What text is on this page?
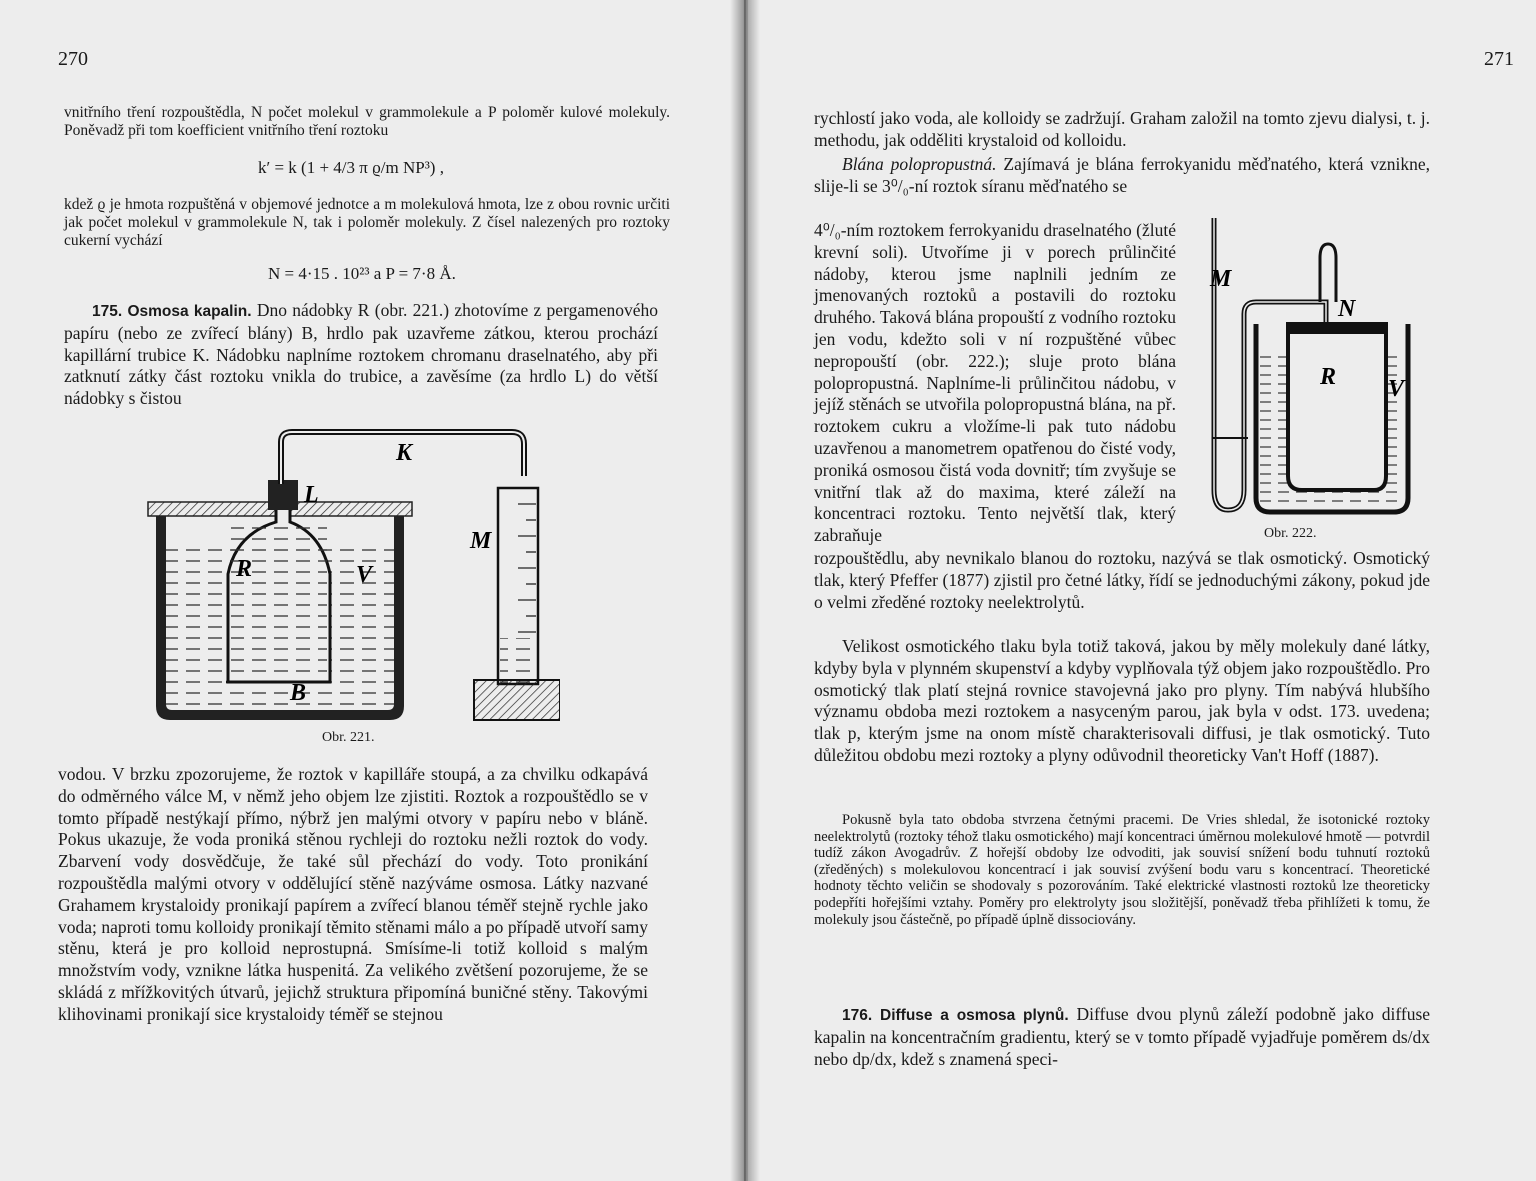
270

vnitřního tření rozpouštědla, N počet molekul v grammolekule a P poloměr kulové molekuly. Poněvadž při tom koefficient vnitřního tření roztoku

k′ = k (1 + 4/3 π ϱ/m NP³) ,

kdež ϱ je hmota rozpuštěná v objemové jednotce a m molekulová hmota, lze z obou rovnic určiti jak počet molekul v grammolekule N, tak i poloměr molekuly. Z čísel nalezených pro roztoky cukerní vychází

N = 4·15 . 10²³ a P = 7·8 Å.

175. Osmosa kapalin. Dno nádobky R (obr. 221.) zhotovíme z pergamenového papíru (nebo ze zvířecí blány) B, hrdlo pak uzavřeme zátkou, kterou prochází kapillární trubice K. Nádobku naplníme roztokem chromanu draselnatého, aby při zatknutí zátky část roztoku vnikla do trubice, a zavěsíme (za hrdlo L) do větší nádobky s čistou

K
L
R	V
M
B
Obr. 221.

vodou. V brzku zpozorujeme, že roztok v kapilláře stoupá, a za chvilku odkapává do odměrného válce M, v němž jeho objem lze zjistiti. Roztok a rozpouštědlo se v tomto případě nestýkají přímo, nýbrž jen malými otvory v papíru nebo v bláně. Pokus ukazuje, že voda proniká stěnou rychleji do roztoku nežli roztok do vody. Zbarvení vody dosvědčuje, že také sůl přechází do vody. Toto pronikání rozpouštědla malými otvory v oddělující stěně nazýváme osmosa. Látky nazvané Grahamem krystaloidy pronikají papírem a zvířecí blanou téměř stejně rychle jako voda; naproti tomu kolloidy pronikají těmito stěnami málo a po případě utvoří samy stěnu, která je pro kolloid neprostupná. Smísíme-li totiž kolloid s malým množstvím vody, vznikne látka huspenitá. Za velikého zvětšení pozorujeme, že se skládá z mřížkovitých útvarů, jejichž struktura připomíná buničné stěny. Takovými klihovinami pronikají sice krystaloidy téměř se stejnou

271

rychlostí jako voda, ale kolloidy se zadržují. Graham založil na tomto zjevu dialysi, t. j. methodu, jak odděliti krystaloid od kolloidu.

Blána polopropustná. Zajímavá je blána ferrokyanidu měďnatého, která vznikne, slije-li se 3⁰/₀-ní roztok síranu měďnatého se

4⁰/₀-ním roztokem ferrokyanidu draselnatého (žluté krevní soli). Utvoříme ji v porech průlinčité nádoby, kterou jsme naplnili jedním ze jmenovaných roztoků a postavili do roztoku druhého. Taková blána propouští z vodního roztoku jen vodu, kdežto soli v ní rozpuštěné vůbec nepropouští (obr. 222.); sluje proto blána polopropustná. Naplníme-li průlinčitou nádobu, v jejíž stěnách se utvořila polopropustná blána, na př. roztokem cukru a vložíme-li pak tuto nádobu uzavřenou a manometrem opatřenou do čisté vody, proniká osmosou čistá voda dovnitř; tím zvyšuje se vnitřní tlak až do maxima, které záleží na koncentraci roztoku. Tento největší tlak, který zabraňuje

M
N
R V
Obr. 222.

rozpouštědlu, aby nevnikalo blanou do roztoku, nazývá se tlak osmotický. Osmotický tlak, který Pfeffer (1877) zjistil pro četné látky, řídí se jednoduchými zákony, pokud jde o velmi zředěné roztoky neelektrolytů.

Velikost osmotického tlaku byla totiž taková, jakou by měly molekuly dané látky, kdyby byla v plynném skupenství a kdyby vyplňovala týž objem jako rozpouštědlo. Pro osmotický tlak platí stejná rovnice stavojevná jako pro plyny. Tím nabývá hlubšího významu obdoba mezi roztokem a nasyceným parou, jak byla v odst. 173. uvedena; tlak p, kterým jsme na onom místě charakterisovali diffusi, je tlak osmotický. Tuto důležitou obdobu mezi roztoky a plyny odůvodnil theoreticky Van't Hoff (1887).

Pokusně byla tato obdoba stvrzena četnými pracemi. De Vries shledal, že isotonické roztoky neelektrolytů (roztoky téhož tlaku osmotického) mají koncentraci úměrnou molekulové hmotě — potvrdil tudíž zákon Avogadrův. Z hořejší obdoby lze odvoditi, jak souvisí snížení bodu tuhnutí roztoků (zředěných) s molekulovou koncentrací i jak souvisí zvýšení bodu varu s koncentrací. Theoretické hodnoty těchto veličin se shodovaly s pozorováním. Také elektrické vlastnosti roztoků lze theoreticky podepříti hořejšími vztahy. Poměry pro elektrolyty jsou složitější, poněvadž třeba přihlížeti k tomu, že molekuly jsou částečně, po případě úplně dissociovány.

176. Diffuse a osmosa plynů. Diffuse dvou plynů záleží podobně jako diffuse kapalin na koncentračním gradientu, který se v tomto případě vyjadřuje poměrem ds/dx nebo dp/dx, kdež s znamená speci-
